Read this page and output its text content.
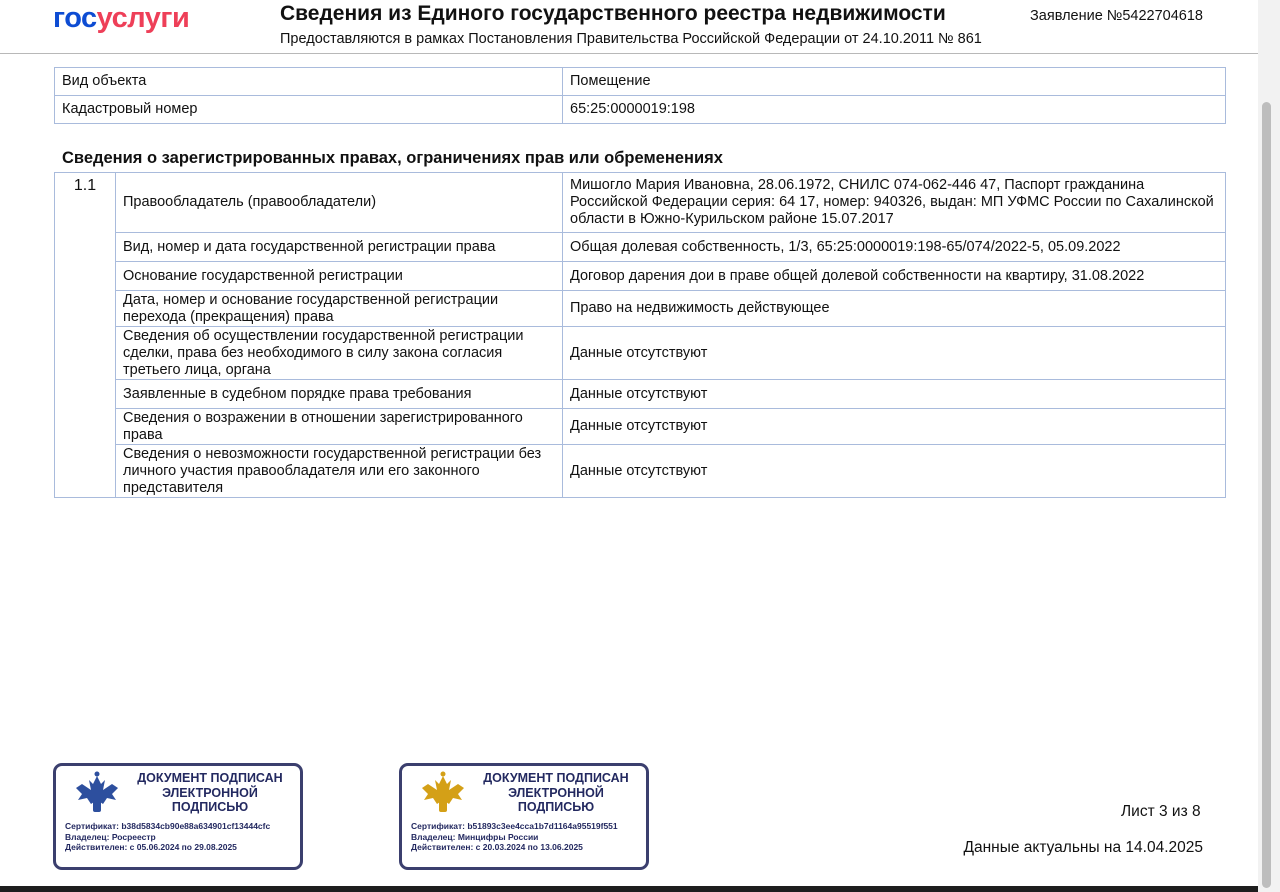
госуслуги	Сведения из Единого государственного реестра недвижимости
Предоставляются в рамках Постановления Правительства Российской Федерации от 24.10.2011 № 861
Заявление №5422704618
Вид объекта	Помещение
Кадастровый номер	65:25:0000019:198
Сведения о зарегистрированных правах, ограничениях прав или обременениях
1.1	Правообладатель (правообладатели)	Мишогло Мария Ивановна, 28.06.1972, СНИЛС 074-062-446 47, Паспорт гражданина Российской Федерации серия: 64 17, номер: 940326, выдан: МП УФМС России по Сахалинской области в Южно-Курильском районе 15.07.2017
	Вид, номер и дата государственной регистрации права	Общая долевая собственность, 1/3, 65:25:0000019:198-65/074/2022-5, 05.09.2022
	Основание государственной регистрации	Договор дарения дои в праве общей долевой собственности на квартиру, 31.08.2022
	Дата, номер и основание государственной регистрации перехода (прекращения) права	Право на недвижимость действующее
	Сведения об осуществлении государственной регистрации сделки, права без необходимого в силу закона согласия третьего лица, органа	Данные отсутствуют
	Заявленные в судебном порядке права требования	Данные отсутствуют
	Сведения о возражении в отношении зарегистрированного права	Данные отсутствуют
	Сведения о невозможности государственной регистрации без личного участия правообладателя или его законного представителя	Данные отсутствуют
ДОКУМЕНТ ПОДПИСАН ЭЛЕКТРОННОЙ ПОДПИСЬЮ
Сертификат: b38d5834cb90e88a634901cf13444cfc
Владелец: Росреестр
Действителен: с 05.06.2024 по 29.08.2025
ДОКУМЕНТ ПОДПИСАН ЭЛЕКТРОННОЙ ПОДПИСЬЮ
Сертификат: b51893c3ee4cca1b7d1164a95519f551
Владелец: Минцифры России
Действителен: с 20.03.2024 по 13.06.2025
Лист 3 из 8
Данные актуальны на 14.04.2025
